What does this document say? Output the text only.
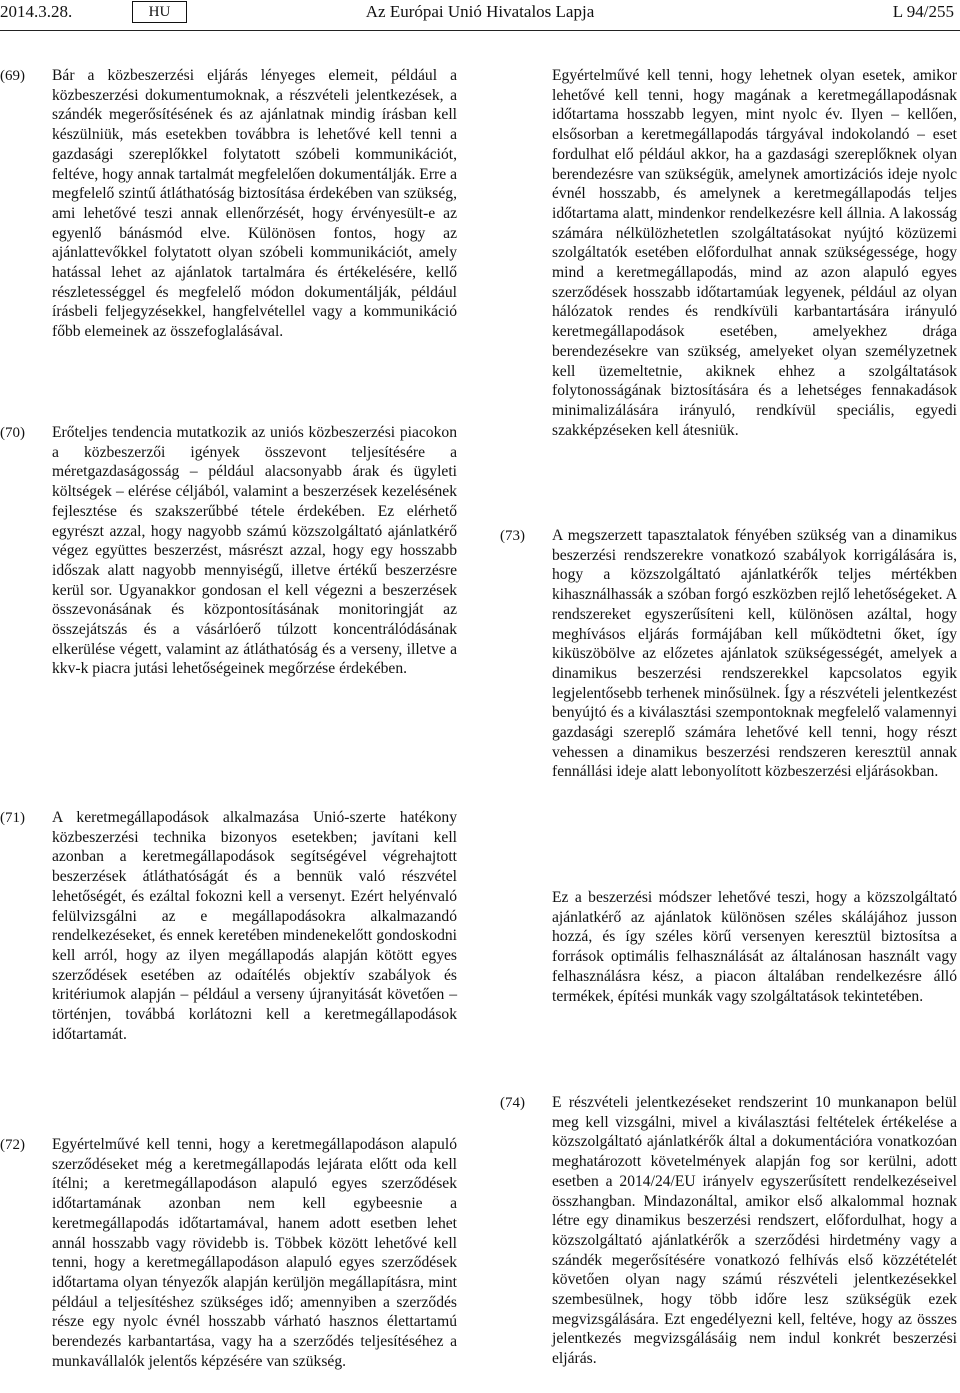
2014.3.28.	HU	Az Európai Unió Hivatalos Lapja	L 94/255
(69) Bár a közbeszerzési eljárás lényeges elemeit, például a közbeszerzési dokumentumoknak, a részvételi jelentkezések, a szándék megerősítésének és az ajánlatnak mindig írásban kell készülniük, más esetekben továbbra is lehetővé kell tenni a gazdasági szereplőkkel folytatott szóbeli kommunikációt, feltéve, hogy annak tartalmát megfelelően dokumentálják. Erre a megfelelő szintű átláthatóság biztosítása érdekében van szükség, ami lehetővé teszi annak ellenőrzését, hogy érvényesült-e az egyenlő bánásmód elve. Különösen fontos, hogy az ajánlattevőkkel folytatott olyan szóbeli kommunikációt, amely hatással lehet az ajánlatok tartalmára és értékelésére, kellő részletességgel és megfelelő módon dokumentálják, például írásbeli feljegyzésekkel, hangfelvétellel vagy a kommunikáció főbb elemeinek az összefoglalásával.

(70) Erőteljes tendencia mutatkozik az uniós közbeszerzési piacokon a közbeszerzői igények összevont teljesítésére a méretgazdaságosság – például alacsonyabb árak és ügyleti költségek – elérése céljából, valamint a beszerzések kezelésének fejlesztése és szakszerűbbé tétele érdekében. Ez elérhető egyrészt azzal, hogy nagyobb számú közszolgáltató ajánlatkérő végez együttes beszerzést, másrészt azzal, hogy egy hosszabb időszak alatt nagyobb mennyiségű, illetve értékű beszerzésre kerül sor. Ugyanakkor gondosan el kell végezni a beszerzések összevonásának és központosításának monitoringját az összejátszás és a vásárlóerő túlzott koncentrálódásának elkerülése végett, valamint az átláthatóság és a verseny, illetve a kkv-k piacra jutási lehetőségeinek megőrzése érdekében.

(71) A keretmegállapodások alkalmazása Unió-szerte hatékony közbeszerzési technika bizonyos esetekben; javítani kell azonban a keretmegállapodások segítségével végrehajtott beszerzések átláthatóságát és a bennük való részvétel lehetőségét, és ezáltal fokozni kell a versenyt. Ezért helyénvaló felülvizsgálni az e megállapodásokra alkalmazandó rendelkezéseket, és ennek keretében mindenekelőtt gondoskodni kell arról, hogy az ilyen megállapodás alapján kötött egyes szerződések esetében az odaítélés objektív szabályok és kritériumok alapján – például a verseny újranyitását követően – történjen, továbbá korlátozni kell a keretmegállapodások időtartamát.

(72) Egyértelművé kell tenni, hogy a keretmegállapodáson alapuló szerződéseket még a keretmegállapodás lejárata előtt oda kell ítélni; a keretmegállapodáson alapuló egyes szerződések időtartamának azonban nem kell egybeesnie a keretmegállapodás időtartamával, hanem adott esetben lehet annál hosszabb vagy rövidebb is. Többek között lehetővé kell tenni, hogy a keretmegállapodáson alapuló egyes szerződések időtartama olyan tényezők alapján kerüljön megállapításra, mint például a teljesítéshez szükséges idő; amennyiben a szerződés része egy nyolc évnél hosszabb várható hasznos élettartamú berendezés karbantartása, vagy ha a szerződés teljesítéséhez a munkavállalók jelentős képzésére van szükség.

Egyértelművé kell tenni, hogy lehetnek olyan esetek, amikor lehetővé kell tenni, hogy magának a keretmegállapodásnak időtartama hosszabb legyen, mint nyolc év. Ilyen – kellően, elsősorban a keretmegállapodás tárgyával indokolandó – eset fordulhat elő például akkor, ha a gazdasági szereplőknek olyan berendezésre van szükségük, amelynek amortizációs ideje nyolc évnél hosszabb, és amelynek a keretmegállapodás teljes időtartama alatt, mindenkor rendelkezésre kell állnia. A lakosság számára nélkülözhetetlen szolgáltatásokat nyújtó közüzemi szolgáltatók esetében előfordulhat annak szükségessége, hogy mind a keretmegállapodás, mind az azon alapuló egyes szerződések hosszabb időtartamúak legyenek, például az olyan hálózatok rendes és rendkívüli karbantartására irányuló keretmegállapodások esetében, amelyekhez drága berendezésekre van szükség, amelyeket olyan személyzetnek kell üzemeltetnie, akiknek ehhez a szolgáltatások folytonosságának biztosítására és a lehetséges fennakadások minimalizálására irányuló, rendkívül speciális, egyedi szakképzéseken kell átesniük.

(73) A megszerzett tapasztalatok fényében szükség van a dinamikus beszerzési rendszerekre vonatkozó szabályok korrigálására is, hogy a közszolgáltató ajánlatkérők teljes mértékben kihasználhassák a szóban forgó eszközben rejlő lehetőségeket. A rendszereket egyszerűsíteni kell, különösen azáltal, hogy meghívásos eljárás formájában kell működtetni őket, így kiküszöbölve az előzetes ajánlatok szükségességét, amelyek a dinamikus beszerzési rendszerekkel kapcsolatos egyik legjelentősebb terhenek minősülnek. Így a részvételi jelentkezést benyújtó és a kiválasztási szempontoknak megfelelő valamennyi gazdasági szereplő számára lehetővé kell tenni, hogy részt vehessen a dinamikus beszerzési rendszeren keresztül annak fennállási ideje alatt lebonyolított közbeszerzési eljárásokban.

Ez a beszerzési módszer lehetővé teszi, hogy a közszolgáltató ajánlatkérő az ajánlatok különösen széles skálájához jusson hozzá, és így széles körű versenyen keresztül biztosítsa a források optimális felhasználását az általánosan használt vagy felhasználásra kész, a piacon általában rendelkezésre álló termékek, építési munkák vagy szolgáltatások tekintetében.

(74) E részvételi jelentkezéseket rendszerint 10 munkanapon belül meg kell vizsgálni, mivel a kiválasztási feltételek értékelése a közszolgáltató ajánlatkérők által a dokumentációra vonatkozóan meghatározott követelmények alapján fog sor kerülni, adott esetben a 2014/24/EU irányelv egyszerűsített rendelkezéseivel összhangban. Mindazonáltal, amikor első alkalommal hoznak létre egy dinamikus beszerzési rendszert, előfordulhat, hogy a közszolgáltató ajánlatkérők a szerződési hirdetmény vagy a szándék megerősítésére vonatkozó felhívás első közzétételét követően olyan nagy számú részvételi jelentkezésekkel szembesülnek, hogy több időre lesz szükségük ezek megvizsgálására. Ezt engedélyezni kell, feltéve, hogy az összes jelentkezés megvizsgálásáig nem indul konkrét beszerzési eljárás.
